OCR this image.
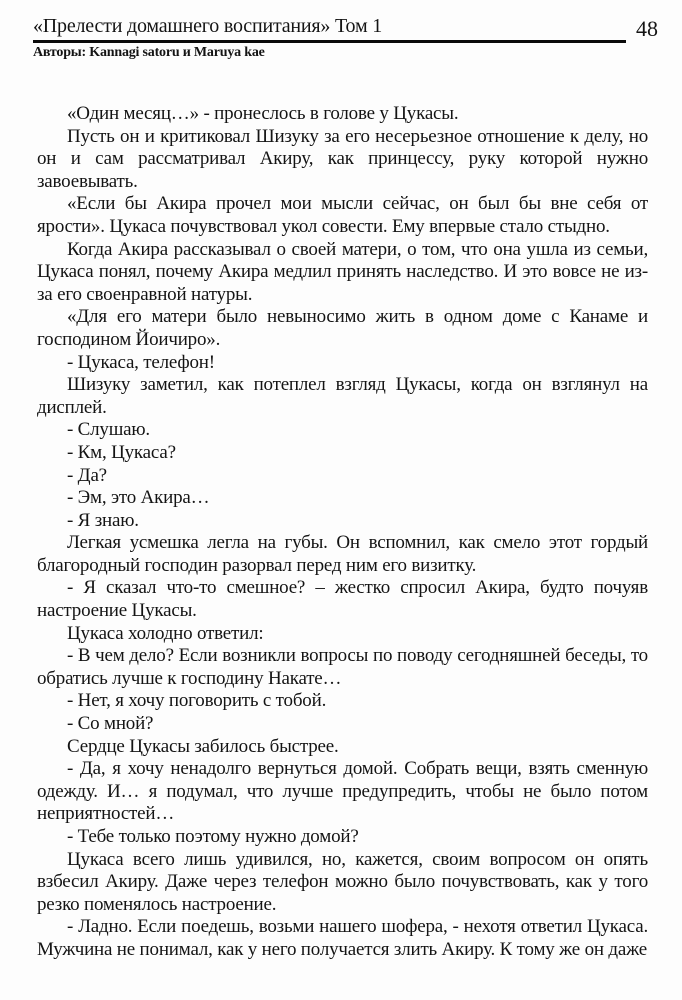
«Прелести домашнего воспитания» Том 1	48
Авторы: Kannagi satoru и Maruya kae

«Один месяц…» - пронеслось в голове у Цукасы.

Пусть он и критиковал Шизуку за его несерьезное отношение к делу, но он и сам рассматривал Акиру, как принцессу, руку которой нужно завоевывать.

«Если бы Акира прочел мои мысли сейчас, он был бы вне себя от ярости». Цукаса почувствовал укол совести. Ему впервые стало стыдно.

Когда Акира рассказывал о своей матери, о том, что она ушла из семьи, Цукаса понял, почему Акира медлил принять наследство. И это вовсе не из-за его своенравной натуры.

«Для его матери было невыносимо жить в одном доме с Канаме и господином Йоичиро».

- Цукаса, телефон!

Шизуку заметил, как потеплел взгляд Цукасы, когда он взглянул на дисплей.

- Слушаю.

- Км, Цукаса?

- Да?

- Эм, это Акира…

- Я знаю.

Легкая усмешка легла на губы. Он вспомнил, как смело этот гордый благородный господин разорвал перед ним его визитку.

- Я сказал что-то смешное? – жестко спросил Акира, будто почуяв настроение Цукасы.

Цукаса холодно ответил:

- В чем дело? Если возникли вопросы по поводу сегодняшней беседы, то обратись лучше к господину Накате…

- Нет, я хочу поговорить с тобой.

- Со мной?

Сердце Цукасы забилось быстрее.

- Да, я хочу ненадолго вернуться домой. Собрать вещи, взять сменную одежду. И… я подумал, что лучше предупредить, чтобы не было потом неприятностей…

- Тебе только поэтому нужно домой?

Цукаса всего лишь удивился, но, кажется, своим вопросом он опять взбесил Акиру. Даже через телефон можно было почувствовать, как у того резко поменялось настроение.

- Ладно. Если поедешь, возьми нашего шофера, - нехотя ответил Цукаса. Мужчина не понимал, как у него получается злить Акиру. К тому же он даже
